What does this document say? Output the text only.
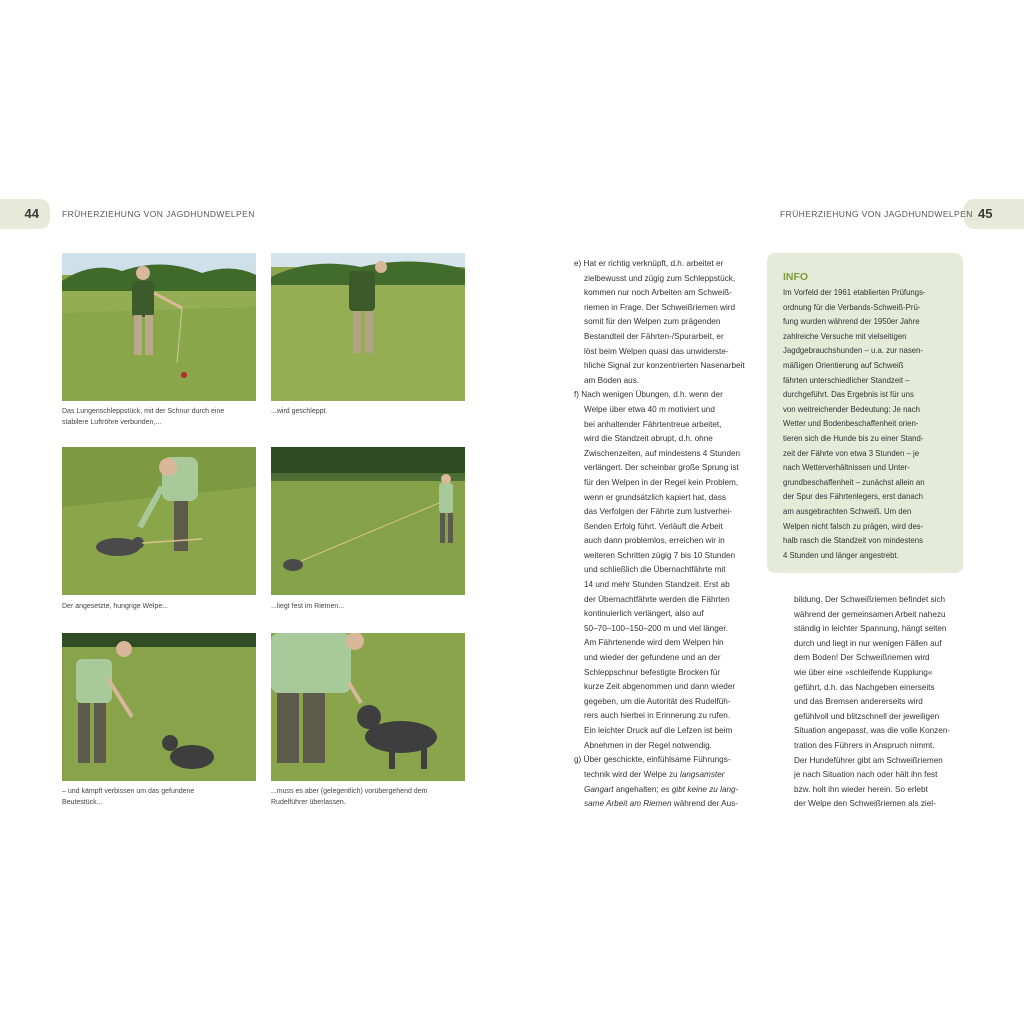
44	45
FRÜHERZIEHUNG VON JAGDHUNDWELPEN	FRÜHERZIEHUNG VON JAGDHUNDWELPEN
Das Lungenschleppstück, mit der Schnur durch eine
stabilere Luftröhre verbunden,...
...wird geschleppt.
Der angesetzte, hungrige Welpe...	...liegt fest im Riemen...
– und kämpft verbissen um das gefundene
Beutestück...
...muss es aber (gelegentlich) vorübergehend dem
Rudelführer überlassen.
e) Hat er richtig verknüpft, d.h. arbeitet er
zielbewusst und zügig zum Schleppstück,
kommen nur noch Arbeiten am Schweiß-
riemen in Frage. Der Schweißriemen wird
somit für den Welpen zum prägenden
Bestandteil der Fährten-/Spurarbeit, er
löst beim Welpen quasi das unwiderste-
hliche Signal zur konzentrierten Nasenarbeit
am Boden aus.
f) Nach wenigen Übungen, d.h. wenn der
Welpe über etwa 40 m motiviert und
bei anhaltender Fährtentreue arbeitet,
wird die Standzeit abrupt, d.h. ohne
Zwischenzeiten, auf mindestens 4 Stunden
verlängert. Der scheinbar große Sprung ist
für den Welpen in der Regel kein Problem,
wenn er grundsätzlich kapiert hat, dass
das Verfolgen der Fährte zum lustverhei-
ßenden Erfolg führt. Verläuft die Arbeit
auch dann problemlos, erreichen wir in
weiteren Schritten zügig 7 bis 10 Stunden
und schließlich die Übernachtfährte mit
14 und mehr Stunden Standzeit. Erst ab
der Übernachtfährte werden die Fährten
kontinuierlich verlängert, also auf
50–70–100–150–200 m und viel länger.
Am Fährtenende wird dem Welpen hin
und wieder der gefundene und an der
Schleppschnur befestigte Brocken für
kurze Zeit abgenommen und dann wieder
gegeben, um die Autorität des Rudelfüh-
rers auch hierbei in Erinnerung zu rufen.
Ein leichter Druck auf die Lefzen ist beim
Abnehmen in der Regel notwendig.
g) Über geschickte, einfühlsame Führungs-
technik wird der Welpe zu langsamster
Gangart angehalten; es gibt keine zu lang-
same Arbeit am Riemen während der Aus-
INFO
Im Vorfeld der 1961 etablierten Prüfungs-
ordnung für die Verbands-Schweiß-Prü-
fung wurden während der 1950er Jahre
zahlreiche Versuche mit vielseitigen
Jagdgebrauchshunden – u.a. zur nasen-
mäßigen Orientierung auf Schweiß
fährten unterschiedlicher Standzeit –
durchgeführt. Das Ergebnis ist für uns
von weitreichender Bedeutung: Je nach
Wetter und Bodenbeschaffenheit orien-
tieren sich die Hunde bis zu einer Stand-
zeit der Fährte von etwa 3 Stunden – je
nach Wetterverhältnissen und Unter-
grundbeschaffenheit – zunächst allein an
der Spur des Fährtenlegers, erst danach
am ausgebrachten Schweiß. Um den
Welpen nicht falsch zu prägen, wird des-
halb rasch die Standzeit von mindestens
4 Stunden und länger angestrebt.
bildung. Der Schweißriemen befindet sich
während der gemeinsamen Arbeit nahezu
ständig in leichter Spannung, hängt selten
durch und liegt in nur wenigen Fällen auf
dem Boden! Der Schweißriemen wird
wie über eine »schleifende Kupplung«
geführt, d.h. das Nachgeben einerseits
und das Bremsen andererseits wird
gefühlvoll und blitzschnell der jeweiligen
Situation angepasst, was die volle Konzen-
tration des Führers in Anspruch nimmt.
Der Hundeführer gibt am Schweißriemen
je nach Situation nach oder hält ihn fest
bzw. holt ihn wieder herein. So erlebt
der Welpe den Schweißriemen als ziel-
